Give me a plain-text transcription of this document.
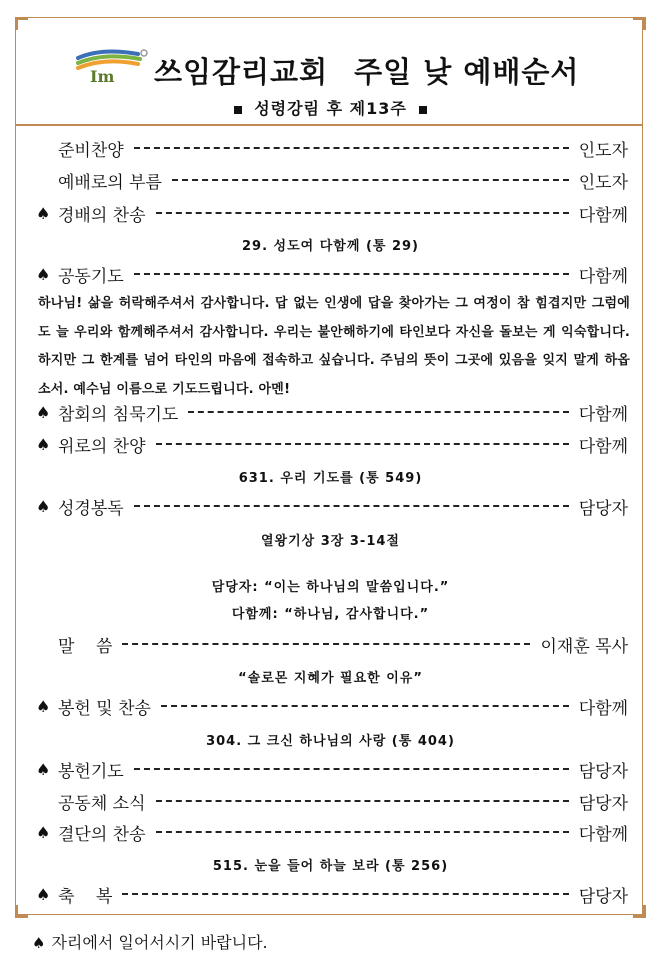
Im 쓰임감리교회 주일 낮 예배순서
성령강림 후 제13주
준비찬양	인도자
예배로의 부름	인도자
♠ 경배의 찬송	다함께
29. 성도여 다함께 (통 29)
♠ 공동기도	다함께
하나님! 삶을 허락해주셔서 감사합니다. 답 없는 인생에 답을 찾아가는 그 여정이 참 힘겹지만 그럼에도 늘 우리와 함께해주셔서 감사합니다. 우리는 불안해하기에 타인보다 자신을 돌보는 게 익숙합니다. 하지만 그 한계를 넘어 타인의 마음에 접속하고 싶습니다. 주님의 뜻이 그곳에 있음을 잊지 말게 하옵소서. 예수님 이름으로 기도드립니다. 아멘!
♠ 참회의 침묵기도	다함께
♠ 위로의 찬양	다함께
631. 우리 기도를 (통 549)
♠ 성경봉독	담당자
열왕기상 3장 3-14절
담당자: “이는 하나님의 말씀입니다.”
다함께: “하나님, 감사합니다.”
말    씀	이재훈 목사
“솔로몬 지혜가 필요한 이유”
♠ 봉헌 및 찬송	다함께
304. 그 크신 하나님의 사랑 (통 404)
♠ 봉헌기도	담당자
공동체 소식	담당자
♠ 결단의 찬송	다함께
515. 눈을 들어 하늘 보라 (통 256)
♠ 축    복	담당자
♠ 자리에서 일어서시기 바랍니다.
